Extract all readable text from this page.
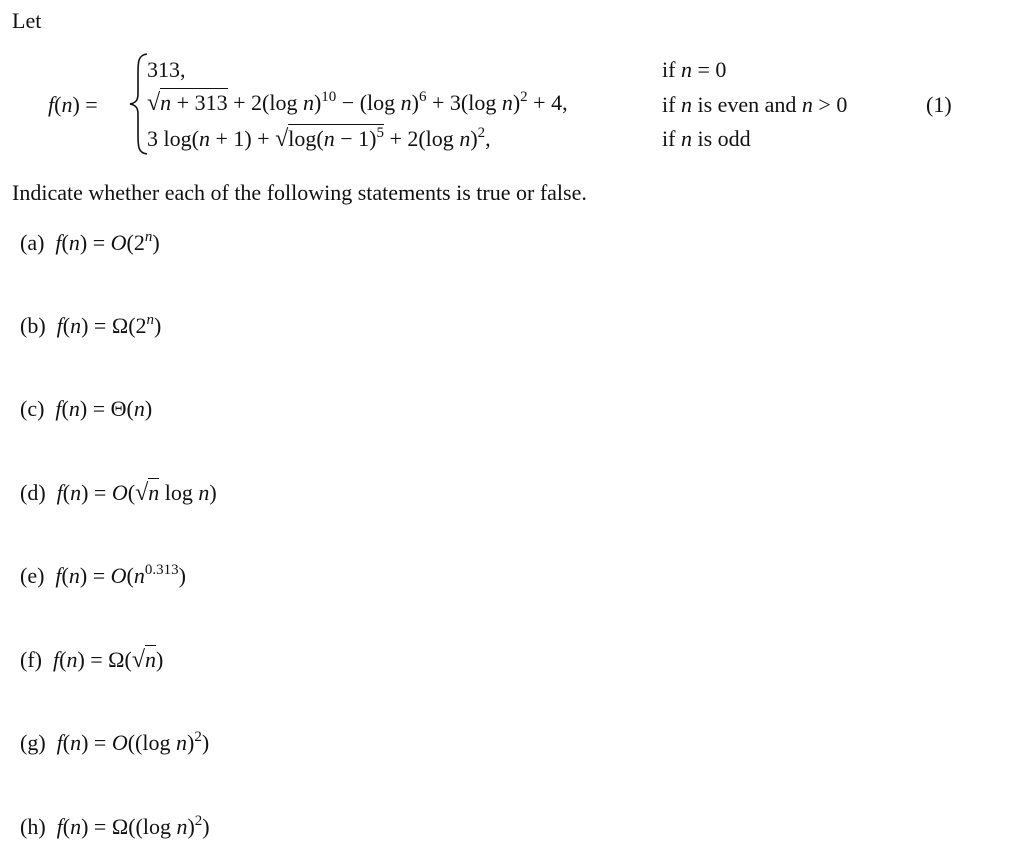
Let
f(n) =
313,	if n = 0
√n + 313 + 2(log n)$^{10}$ − (log n)$^6$ + 3(log n)$^2$ + 4,	if n is even and n > 0
3 $\log(n + 1) + √\log(n - 1)^5 + 2(\log$ n)$^2$,	if n is odd
(1)
Indicate whether each of the following statements is true or false.
(a) $f(n) = O(2^n)$
(b) $f(n) = \Omega(2^n)$
(c) f(n) = Θ(n)
(d) f(n) = O(√n log n)
(e) $f(n) = O(n^{0.313})$
(f) f(n) = Ω(√n)
(g) f(n) = O((log n)$^2$)
(h) f(n) = Ω((log n)$^2$)
